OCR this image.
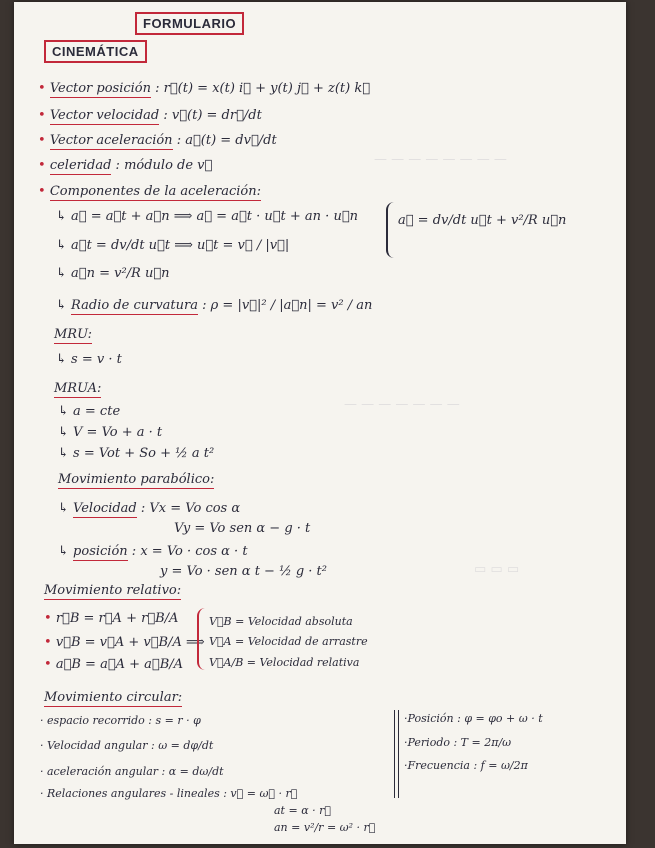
— — — — — — — —
— — — — — — —
▭ ▭ ▭
FORMULARIO
CINEMÁTICA
• Vector posición : r⃗(t) = x(t) i⃗ + y(t) j⃗ + z(t) k⃗
• Vector velocidad : v⃗(t) = dr⃗/dt
• Vector aceleración : a⃗(t) = dv⃗/dt
• celeridad : módulo de v⃗
• Componentes de la aceleración:
↳ a⃗ = a⃗t + a⃗n ⟹ a⃗ = a⃗t · u⃗t + an · u⃗n
↳ a⃗t = dv/dt u⃗t ⟹ u⃗t = v⃗ / |v⃗|
↳ a⃗n = v²/R u⃗n
↳ Radio de curvatura : ρ = |v⃗|² / |a⃗n| = v² / an
a⃗ = dv/dt u⃗t + v²/R u⃗n
MRU:
↳ s = v · t
MRUA:
↳ a = cte
↳ V = Vo + a · t
↳ s = Vot + So + ½ a t²
Movimiento parabólico:
↳ Velocidad : Vx = Vo cos α
Vy = Vo sen α − g · t
↳ posición : x = Vo · cos α · t
y = Vo · sen α t − ½ g · t²
Movimiento relativo:
• r⃗B = r⃗A + r⃗B/A
• v⃗B = v⃗A + v⃗B/A ⟹
• a⃗B = a⃗A + a⃗B/A
V⃗B = Velocidad absoluta
V⃗A = Velocidad de arrastre
V⃗A/B = Velocidad relativa
Movimiento circular:
· espacio recorrido : s = r · φ
· Velocidad angular : ω = dφ/dt
· aceleración angular : α = dω/dt
· Relaciones angulares - lineales : v⃗ = ω⃗ · r⃗
at = α · r⃗
an = v²/r = ω² · r⃗
·Posición : φ = φo + ω · t
·Periodo : T = 2π/ω
·Frecuencia : f = ω/2π
